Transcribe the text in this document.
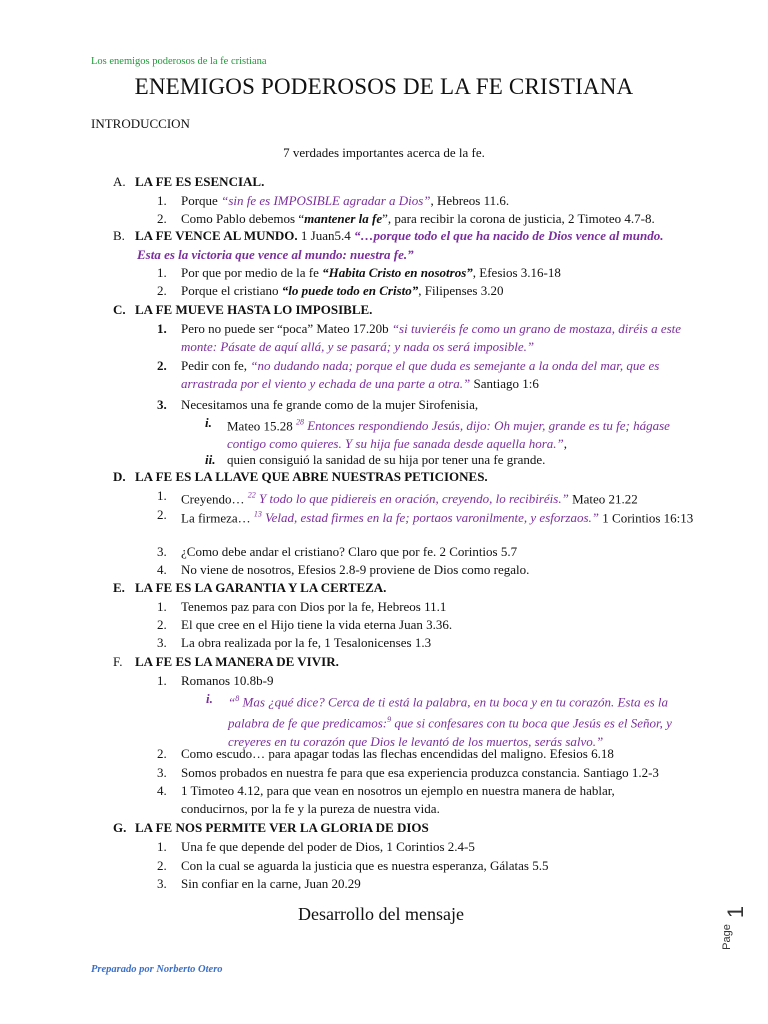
Los enemigos poderosos de la fe cristiana
ENEMIGOS PODEROSOS DE LA FE CRISTIANA
INTRODUCCION
7 verdades importantes acerca de la fe.
A. LA FE ES ESENCIAL.
1. Porque “sin fe es IMPOSIBLE agradar a Dios”, Hebreos 11.6.
2. Como Pablo debemos “mantener la fe”, para recibir la corona de justicia, 2 Timoteo 4.7-8.
B. LA FE VENCE AL MUNDO. 1 Juan5.4 “…porque todo el que ha nacido de Dios vence al mundo.
Esta es la victoria que vence al mundo: nuestra fe.”
1. Por que por medio de la fe “Habita Cristo en nosotros”, Efesios 3.16-18
2. Porque el cristiano “lo puede todo en Cristo”, Filipenses 3.20
C. LA FE MUEVE HASTA LO IMPOSIBLE.
1. Pero no puede ser “poca” Mateo 17.20b “si tuvieréis fe como un grano de mostaza, diréis a este monte: Pásate de aquí allá, y se pasará; y nada os será imposible.”
2. Pedir con fe, “no dudando nada; porque el que duda es semejante a la onda del mar, que es arrastrada por el viento y echada de una parte a otra.” Santiago 1:6
3. Necesitamos una fe grande como de la mujer Sirofenisia,
i. Mateo 15.28 $^{28}$ Entonces respondiendo Jesús, dijo: Oh mujer, grande es tu fe; hágase contigo como quieres. Y su hija fue sanada desde aquella hora.”,
ii. quien consiguió la sanidad de su hija por tener una fe grande.
D. LA FE ES LA LLAVE QUE ABRE NUESTRAS PETICIONES.
1. Creyendo… $^{22}$ Y todo lo que pidiereis en oración, creyendo, lo recibiréis.” Mateo 21.22
2. La firmeza… $^{13}$ Velad, estad firmes en la fe; portaos varonilmente, y esforzaos.” 1 Corintios 16:13
3. ¿Como debe andar el cristiano? Claro que por fe. 2 Corintios 5.7
4. No viene de nosotros, Efesios 2.8-9 proviene de Dios como regalo.
E. LA FE ES LA GARANTIA Y LA CERTEZA.
1. Tenemos paz para con Dios por la fe, Hebreos 11.1
2. El que cree en el Hijo tiene la vida eterna Juan 3.36.
3. La obra realizada por la fe, 1 Tesalonicenses 1.3
F. LA FE ES LA MANERA DE VIVIR.
1. Romanos 10.8b-9
i. “$^8$ Mas ¿qué dice? Cerca de ti está la palabra, en tu boca y en tu corazón. Esta es la palabra de fe que predicamos:$^9$ que si confesares con tu boca que Jesús es el Señor, y creyeres en tu corazón que Dios le levantó de los muertos, serás salvo.”
2. Como escudo… para apagar todas las flechas encendidas del maligno. Efesios 6.18
3. Somos probados en nuestra fe para que esa experiencia produzca constancia. Santiago 1.2-3
4. 1 Timoteo 4.12, para que vean en nosotros un ejemplo en nuestra manera de hablar, conducirnos, por la fe y la pureza de nuestra vida.
G. LA FE NOS PERMITE VER LA GLORIA DE DIOS
1. Una fe que depende del poder de Dios, 1 Corintios 2.4-5
2. Con la cual se aguarda la justicia que es nuestra esperanza, Gálatas 5.5
3. Sin confiar en la carne, Juan 20.29
Desarrollo del mensaje
Page
1
Preparado por Norberto Otero
